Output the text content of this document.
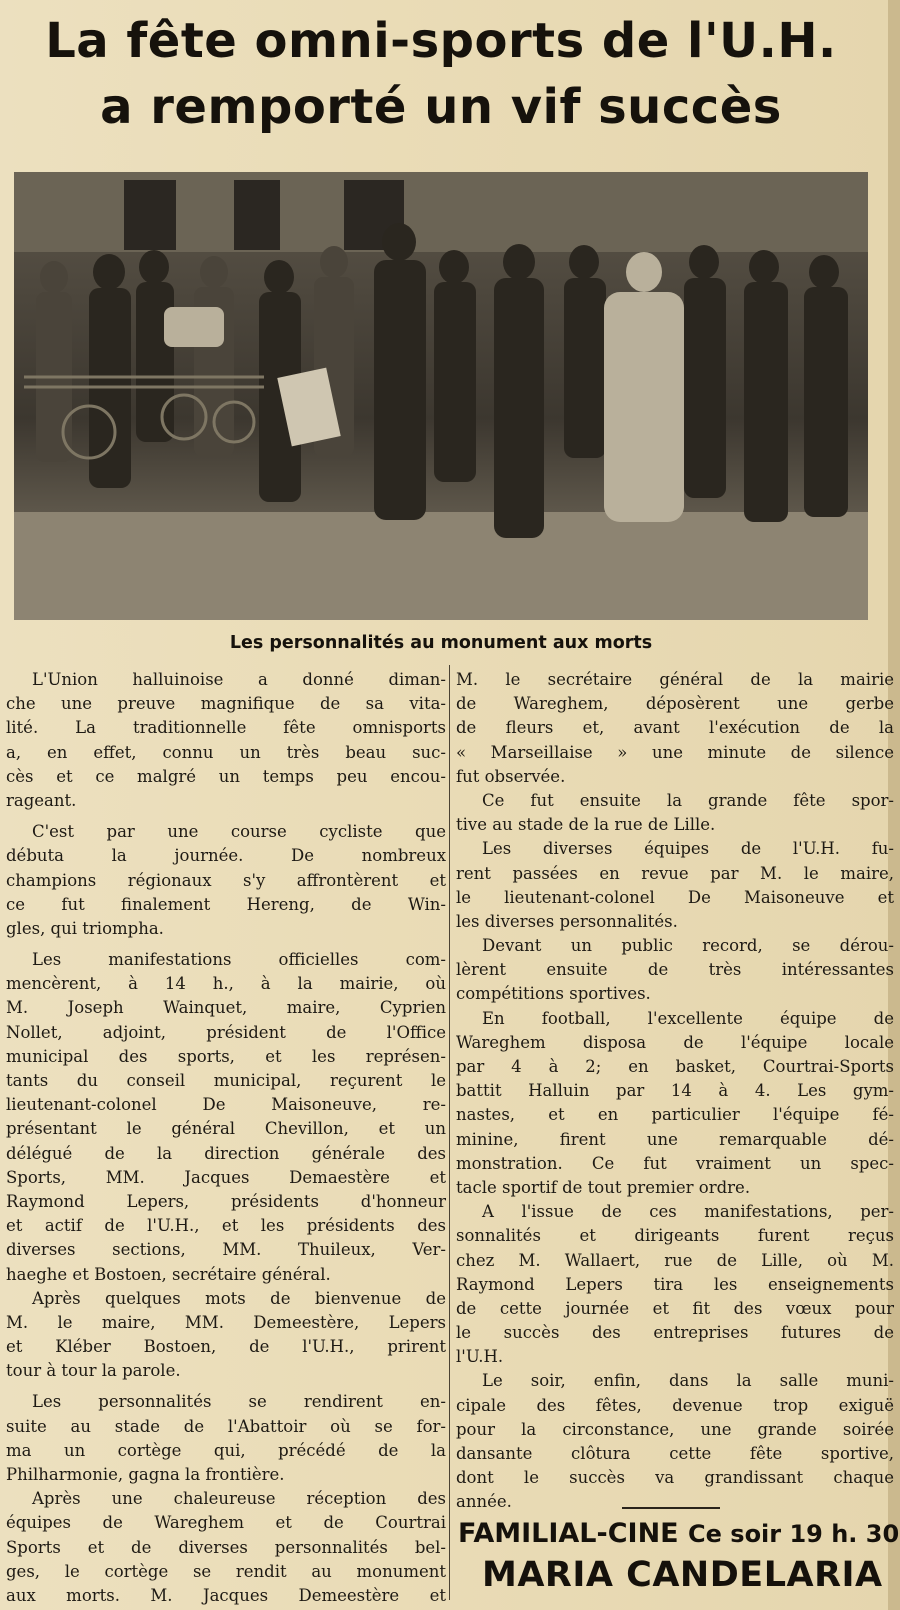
La fête omni-sports de l'U.H.
a remporté un vif succès
Les personnalités au monument aux morts
L'Union halluinoise a donné diman-
che une preuve magnifique de sa vita-
lité. La traditionnelle fête omnisports
a, en effet, connu un très beau suc-
cès et ce malgré un temps peu encou-
rageant.
C'est par une course cycliste que
débuta la journée. De nombreux
champions régionaux s'y affrontèrent et
ce fut finalement Hereng, de Win-
gles, qui triompha.
Les manifestations officielles com-
mencèrent, à 14 h., à la mairie, où
M. Joseph Wainquet, maire, Cyprien
Nollet, adjoint, président de l'Office
municipal des sports, et les représen-
tants du conseil municipal, reçurent le
lieutenant-colonel De Maisoneuve, re-
présentant le général Chevillon, et un
délégué de la direction générale des
Sports, MM. Jacques Demaestère et
Raymond Lepers, présidents d'honneur
et actif de l'U.H., et les présidents des
diverses sections, MM. Thuileux, Ver-
haeghe et Bostoen, secrétaire général.
Après quelques mots de bienvenue de
M. le maire, MM. Demeestère, Lepers
et Kléber Bostoen, de l'U.H., prirent
tour à tour la parole.
Les personnalités se rendirent en-
suite au stade de l'Abattoir où se for-
ma un cortège qui, précédé de la
Philharmonie, gagna la frontière.
Après une chaleureuse réception des
équipes de Wareghem et de Courtrai
Sports et de diverses personnalités bel-
ges, le cortège se rendit au monument
aux morts. M. Jacques Demeestère et
M. le secrétaire général de la mairie
de Wareghem, déposèrent une gerbe
de fleurs et, avant l'exécution de la
« Marseillaise » une minute de silence
fut observée.
Ce fut ensuite la grande fête spor-
tive au stade de la rue de Lille.
Les diverses équipes de l'U.H. fu-
rent passées en revue par M. le maire,
le lieutenant-colonel De Maisoneuve et
les diverses personnalités.
Devant un public record, se dérou-
lèrent ensuite de très intéressantes
compétitions sportives.
En football, l'excellente équipe de
Wareghem disposa de l'équipe locale
par 4 à 2; en basket, Courtrai-Sports
battit Halluin par 14 à 4. Les gym-
nastes, et en particulier l'équipe fé-
minine, firent une remarquable dé-
monstration. Ce fut vraiment un spec-
tacle sportif de tout premier ordre.
A l'issue de ces manifestations, per-
sonnalités et dirigeants furent reçus
chez M. Wallaert, rue de Lille, où M.
Raymond Lepers tira les enseignements
de cette journée et fit des vœux pour
le succès des entreprises futures de
l'U.H.
Le soir, enfin, dans la salle muni-
cipale des fêtes, devenue trop exiguë
pour la circonstance, une grande soirée
dansante clôtura cette fête sportive,
dont le succès va grandissant chaque
année.
FAMILIAL-CINE Ce soir 19 h. 30
MARIA CANDELARIA
